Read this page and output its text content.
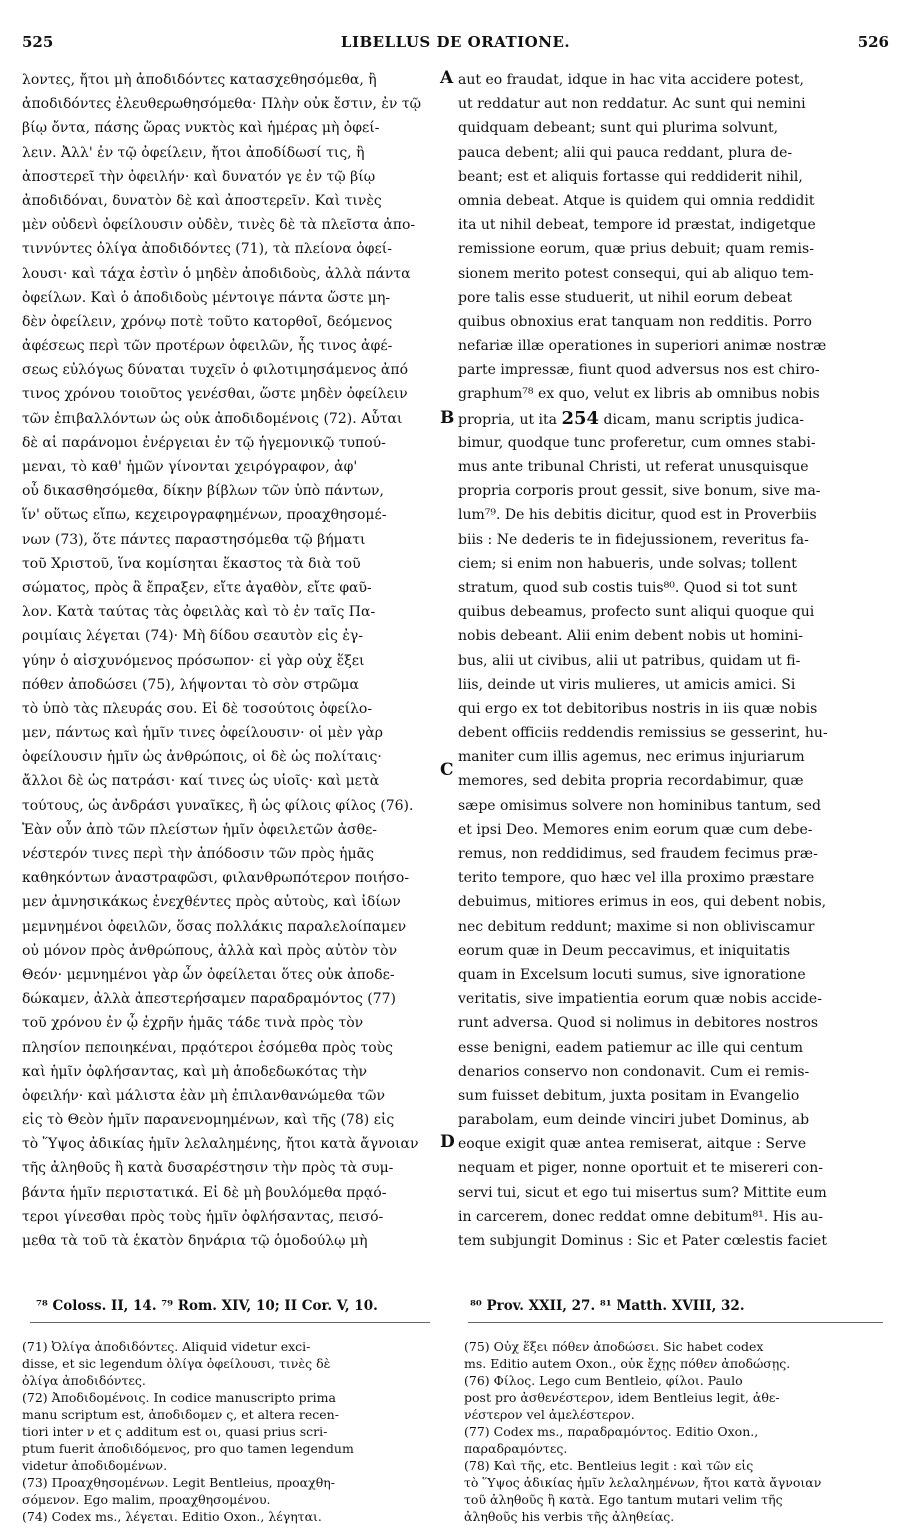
525	LIBELLUS DE ORATIONE.	526
λοντες, ἤτοι μὴ ἀποδιδόντες κατασχεθησόμεθα, ἢ
ἀποδιδόντες ἐλευθερωθησόμεθα· Πλὴν οὐκ ἔστιν, ἐν τῷ
βίῳ ὄντα, πάσης ὥρας νυκτὸς καὶ ἡμέρας μὴ ὀφεί-
λειν. Ἀλλ' ἐν τῷ ὀφείλειν, ἤτοι ἀποδίδωσί τις, ἢ
ἀποστερεῖ τὴν ὀφειλήν· καὶ δυνατόν γε ἐν τῷ βίῳ
ἀποδιδόναι, δυνατὸν δὲ καὶ ἀποστερεῖν. Καὶ τινὲς
μὲν οὐδενὶ ὀφείλουσιν οὐδὲν, τινὲς δὲ τὰ πλεῖστα ἀπο-
τιννύντες ὀλίγα ἀποδιδόντες (71), τὰ πλείονα ὀφεί-
λουσι· καὶ τάχα ἐστὶν ὁ μηδὲν ἀποδιδοὺς, ἀλλὰ πάντα
ὀφείλων. Καὶ ὁ ἀποδιδοὺς μέντοιγε πάντα ὥστε μη-
δὲν ὀφείλειν, χρόνῳ ποτὲ τοῦτο κατορθοῖ, δεόμενος
ἀφέσεως περὶ τῶν προτέρων ὀφειλῶν, ἧς τινος ἀφέ-
σεως εὐλόγως δύναται τυχεῖν ὁ φιλοτιμησάμενος ἀπό
τινος χρόνου τοιοῦτος γενέσθαι, ὥστε μηδὲν ὀφείλειν
τῶν ἐπιβαλλόντων ὡς οὐκ ἀποδιδομένοις (72). Αὗται
δὲ αἱ παράνομοι ἐνέργειαι ἐν τῷ ἡγεμονικῷ τυπού-
μεναι, τὸ καθ' ἡμῶν γίνονται χειρόγραφον, ἀφ'
οὗ δικασθησόμεθα, δίκην βίβλων τῶν ὑπὸ πάντων,
ἵν' οὕτως εἴπω, κεχειρογραφημένων, προαχθησομέ-
νων (73), ὅτε πάντες παραστησόμεθα τῷ βήματι
τοῦ Χριστοῦ, ἵνα κομίσηται ἕκαστος τὰ διὰ τοῦ
σώματος, πρὸς ἃ ἔπραξεν, εἴτε ἀγαθὸν, εἴτε φαῦ-
λον. Κατὰ ταύτας τὰς ὀφειλὰς καὶ τὸ ἐν ταῖς Πα-
ροιμίαις λέγεται (74)· Μὴ δίδου σεαυτὸν εἰς ἐγ-
γύην ὁ αἰσχυνόμενος πρόσωπον· εἰ γὰρ οὐχ ἕξει
πόθεν ἀποδώσει (75), λήψονται τὸ σὸν στρῶμα
τὸ ὑπὸ τὰς πλευράς σου. Εἰ δὲ τοσούτοις ὀφείλο-
μεν, πάντως καὶ ἡμῖν τινες ὀφείλουσιν· οἱ μὲν γὰρ
ὀφείλουσιν ἡμῖν ὡς ἀνθρώποις, οἱ δὲ ὡς πολίταις·
ἄλλοι δὲ ὡς πατράσι· καί τινες ὡς υἱοῖς· καὶ μετὰ
τούτους, ὡς ἀνδράσι γυναῖκες, ἢ ὡς φίλοις φίλος (76).
Ἐὰν οὖν ἀπὸ τῶν πλείστων ἡμῖν ὀφειλετῶν ἀσθε-
νέστερόν τινες περὶ τὴν ἀπόδοσιν τῶν πρὸς ἡμᾶς
καθηκόντων ἀναστραφῶσι, φιλανθρωπότερον ποιήσο-
μεν ἀμνησικάκως ἐνεχθέντες πρὸς αὐτοὺς, καὶ ἰδίων
μεμνημένοι ὀφειλῶν, ὅσας πολλάκις παραλελοίπαμεν
οὐ μόνον πρὸς ἀνθρώπους, ἀλλὰ καὶ πρὸς αὐτὸν τὸν
Θεόν· μεμνημένοι γὰρ ὧν ὀφείλεται ὅτες οὐκ ἀποδε-
δώκαμεν, ἀλλὰ ἀπεστερήσαμεν παραδραμόντος (77)
τοῦ χρόνου ἐν ᾧ ἐχρῆν ἡμᾶς τάδε τινὰ πρὸς τὸν
πλησίον πεποιηκέναι, πρᾳότεροι ἐσόμεθα πρὸς τοὺς
καὶ ἡμῖν ὀφλήσαντας, καὶ μὴ ἀποδεδωκότας τὴν
ὀφειλήν· καὶ μάλιστα ἐὰν μὴ ἐπιλανθανώμεθα τῶν
εἰς τὸ Θεὸν ἡμῖν παρανενομημένων, καὶ τῆς (78) εἰς
τὸ Ὕψος ἀδικίας ἡμῖν λελαλημένης, ἤτοι κατὰ ἄγνοιαν
τῆς ἀληθοῦς ἢ κατὰ δυσαρέστησιν τὴν πρὸς τὰ συμ-
βάντα ἡμῖν περιστατικά. Εἰ δὲ μὴ βουλόμεθα πρᾳό-
τεροι γίνεσθαι πρὸς τοὺς ἡμῖν ὀφλήσαντας, πεισό-
μεθα τὰ τοῦ τὰ ἑκατὸν δηνάρια τῷ ὁμοδούλῳ μὴ
A
B
C
D
aut eo fraudat, idque in hac vita accidere potest,
ut reddatur aut non reddatur. Ac sunt qui nemini
quidquam debeant; sunt qui plurima solvunt,
pauca debent; alii qui pauca reddant, plura de-
beant; est et aliquis fortasse qui reddiderit nihil,
omnia debeat. Atque is quidem qui omnia reddidit
ita ut nihil debeat, tempore id præstat, indigetque
remissione eorum, quæ prius debuit; quam remis-
sionem merito potest consequi, qui ab aliquo tem-
pore talis esse studuerit, ut nihil eorum debeat
quibus obnoxius erat tanquam non redditis. Porro
nefariæ illæ operationes in superiori animæ nostræ
parte impressæ, fiunt quod adversus nos est chiro-
graphum⁷⁸ ex quo, velut ex libris ab omnibus nobis
propria, ut ita 254 dicam, manu scriptis judica-
bimur, quodque tunc proferetur, cum omnes stabi-
mus ante tribunal Christi, ut referat unusquisque
propria corporis prout gessit, sive bonum, sive ma-
lum⁷⁹. De his debitis dicitur, quod est in Proverbiis
biis : Ne dederis te in fidejussionem, reveritus fa-
ciem; si enim non habueris, unde solvas; tollent
stratum, quod sub costis tuis⁸⁰. Quod si tot sunt
quibus debeamus, profecto sunt aliqui quoque qui
nobis debeant. Alii enim debent nobis ut homini-
bus, alii ut civibus, alii ut patribus, quidam ut fi-
liis, deinde ut viris mulieres, ut amicis amici. Si
qui ergo ex tot debitoribus nostris in iis quæ nobis
debent officiis reddendis remissius se gesserint, hu-
maniter cum illis agemus, nec erimus injuriarum
memores, sed debita propria recordabimur, quæ
sæpe omisimus solvere non hominibus tantum, sed
et ipsi Deo. Memores enim eorum quæ cum debe-
remus, non reddidimus, sed fraudem fecimus præ-
terito tempore, quo hæc vel illa proximo præstare
debuimus, mitiores erimus in eos, qui debent nobis,
nec debitum reddunt; maxime si non obliviscamur
eorum quæ in Deum peccavimus, et iniquitatis
quam in Excelsum locuti sumus, sive ignoratione
veritatis, sive impatientia eorum quæ nobis accide-
runt adversa. Quod si nolimus in debitores nostros
esse benigni, eadem patiemur ac ille qui centum
denarios conservo non condonavit. Cum ei remis-
sum fuisset debitum, juxta positam in Evangelio
parabolam, eum deinde vinciri jubet Dominus, ab
eoque exigit quæ antea remiserat, aitque : Serve
nequam et piger, nonne oportuit et te misereri con-
servi tui, sicut et ego tui misertus sum? Mittite eum
in carcerem, donec reddat omne debitum⁸¹. His au-
tem subjungit Dominus : Sic et Pater cœlestis faciet
⁷⁸ Coloss. II, 14. ⁷⁹ Rom. XIV, 10; II Cor. V, 10.	⁸⁰ Prov. XXII, 27. ⁸¹ Matth. XVIII, 32.
(71) Ὀλίγα ἀποδιδόντες. Aliquid videtur exci-
disse, et sic legendum ὀλίγα ὀφείλουσι, τινὲς δὲ
ὀλίγα ἀποδιδόντες.
(72) Ἀποδιδομένοις. In codice manuscripto prima
manu scriptum est, ἀποδιδομεν ς, et altera recen-
tiori inter ν et ς additum est οι, quasi prius scri-
ptum fuerit ἀποδιδόμενος, pro quo tamen legendum
videtur ἀποδιδομένων.
(73) Προαχθησομένων. Legit Bentleius, προαχθη-
σόμενον. Ego malim, προαχθησομένου.
(74) Codex ms., λέγεται. Editio Oxon., λέγηται.
(75) Οὐχ ἕξει πόθεν ἀποδώσει. Sic habet codex
ms. Editio autem Oxon., οὐκ ἔχῃς πόθεν ἀποδώσῃς.
(76) Φίλος. Lego cum Bentleio, φίλοι. Paulo
post pro ἀσθενέστερον, idem Bentleius legit, ἀθε-
νέστερον vel ἀμελέστερον.
(77) Codex ms., παραδραμόντος. Editio Oxon.,
παραδραμόντες.
(78) Καὶ τῆς, etc. Bentleius legit : καὶ τῶν εἰς
τὸ Ὕψος ἀδικίας ἡμῖν λελαλημένων, ἤτοι κατὰ ἄγνοιαν
τοῦ ἀληθοῦς ἢ κατὰ. Ego tantum mutari velim τῆς
ἀληθοῦς his verbis τῆς ἀληθείας.
